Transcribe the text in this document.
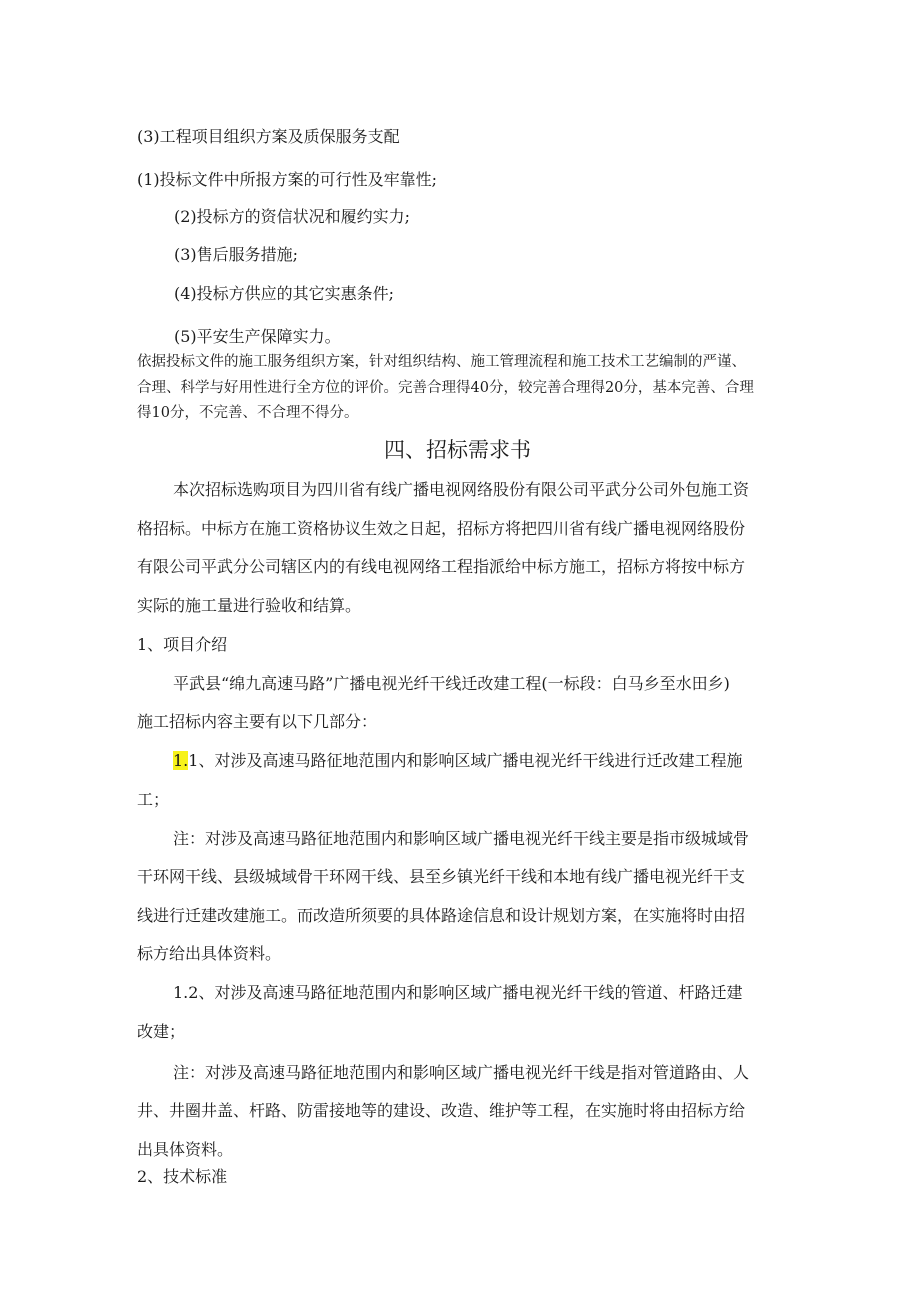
(3)工程项目组织方案及质保服务支配
(1)投标文件中所报方案的可行性及牢靠性;
(2)投标方的资信状况和履约实力;
(3)售后服务措施;
(4)投标方供应的其它实惠条件;
(5)平安生产保障实力。
依据投标文件的施工服务组织方案，针对组织结构、施工管理流程和施工技术工艺编制的严谨、
合理、科学与好用性进行全方位的评价。完善合理得40分，较完善合理得20分，基本完善、合理
得10分，不完善、不合理不得分。
四、招标需求书
本次招标选购项目为四川省有线广播电视网络股份有限公司平武分公司外包施工资
格招标。中标方在施工资格协议生效之日起，招标方将把四川省有线广播电视网络股份
有限公司平武分公司辖区内的有线电视网络工程指派给中标方施工，招标方将按中标方
实际的施工量进行验收和结算。
1、项目介绍
平武县“绵九高速马路”广播电视光纤干线迁改建工程(一标段：白马乡至水田乡)
施工招标内容主要有以下几部分：
1.1、对涉及高速马路征地范围内和影响区域广播电视光纤干线进行迁改建工程施
工；
注：对涉及高速马路征地范围内和影响区域广播电视光纤干线主要是指市级城域骨
干环网干线、县级城域骨干环网干线、县至乡镇光纤干线和本地有线广播电视光纤干支
线进行迁建改建施工。而改造所须要的具体路途信息和设计规划方案，在实施将时由招
标方给出具体资料。
1.2、对涉及高速马路征地范围内和影响区域广播电视光纤干线的管道、杆路迁建
改建；
注：对涉及高速马路征地范围内和影响区域广播电视光纤干线是指对管道路由、人
井、井圈井盖、杆路、防雷接地等的建设、改造、维护等工程，在实施时将由招标方给
出具体资料。
2、技术标准
